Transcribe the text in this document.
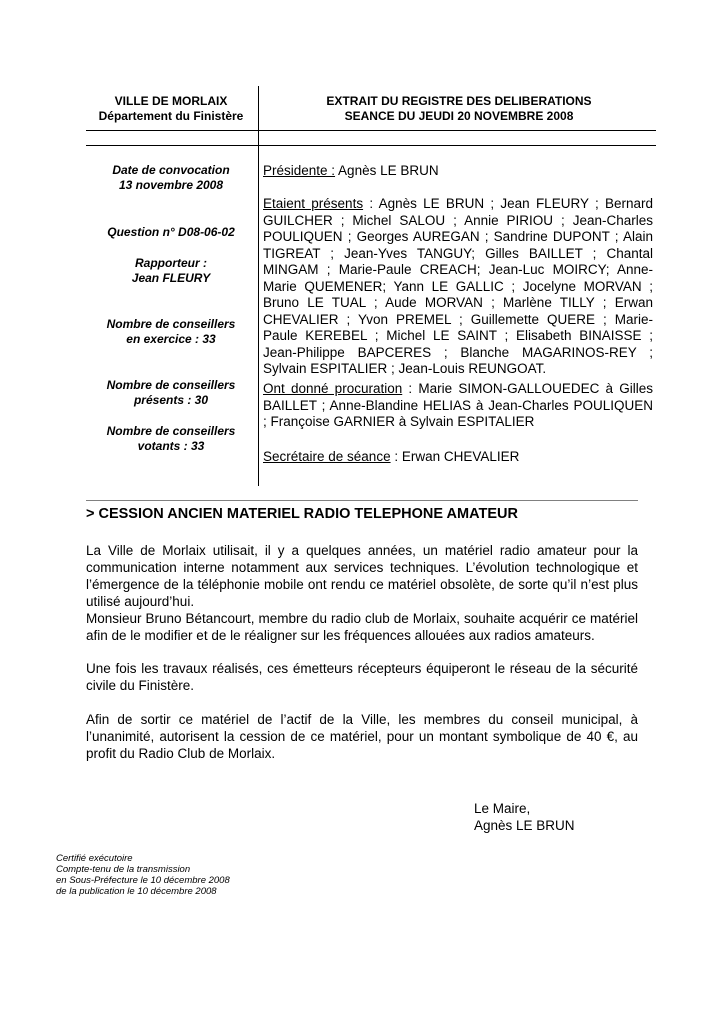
VILLE DE MORLAIX
Département du Finistère
EXTRAIT DU REGISTRE DES DELIBERATIONS
SEANCE DU JEUDI 20 NOVEMBRE 2008
Date de convocation
13 novembre 2008
Question n° D08-06-02
Rapporteur :
Jean FLEURY
Nombre de conseillers
en exercice : 33
Nombre de conseillers
présents : 30
Nombre de conseillers
votants : 33
Présidente : Agnès LE BRUN
Etaient présents : Agnès LE BRUN ; Jean FLEURY ; Bernard GUILCHER ; Michel SALOU ; Annie PIRIOU ; Jean-Charles POULIQUEN ; Georges AUREGAN ; Sandrine DUPONT ; Alain TIGREAT ; Jean-Yves TANGUY; Gilles BAILLET ; Chantal MINGAM ; Marie-Paule CREACH; Jean-Luc MOIRCY; Anne-Marie QUEMENER; Yann LE GALLIC ; Jocelyne MORVAN ; Bruno LE TUAL ; Aude MORVAN ; Marlène TILLY ; Erwan CHEVALIER ; Yvon PREMEL ; Guillemette QUERE ; Marie-Paule KEREBEL ; Michel LE SAINT ; Elisabeth BINAISSE ; Jean-Philippe BAPCERES ; Blanche MAGARINOS-REY ; Sylvain ESPITALIER ; Jean-Louis REUNGOAT.
Ont donné procuration : Marie SIMON-GALLOUEDEC à Gilles BAILLET ; Anne-Blandine HELIAS à Jean-Charles POULIQUEN ; Françoise GARNIER à Sylvain ESPITALIER
Secrétaire de séance : Erwan CHEVALIER
> CESSION ANCIEN MATERIEL RADIO TELEPHONE AMATEUR
La Ville de Morlaix utilisait, il y a quelques années, un matériel radio amateur pour la communication interne notamment aux services techniques. L’évolution technologique et l’émergence de la téléphonie mobile ont rendu ce matériel obsolète, de sorte qu’il n’est plus utilisé aujourd’hui.
Monsieur Bruno Bétancourt, membre du radio club de Morlaix, souhaite acquérir ce matériel afin de le modifier et de le réaligner sur les fréquences allouées aux radios amateurs.
Une fois les travaux réalisés, ces émetteurs récepteurs équiperont le réseau de la sécurité civile du Finistère.
Afin de sortir ce matériel de l’actif de la Ville, les membres du conseil municipal, à l’unanimité, autorisent la cession de ce matériel, pour un montant symbolique de 40 €, au profit du Radio Club de Morlaix.
Le Maire,
Agnès LE BRUN
Certifié exécutoire
Compte-tenu de la transmission
en Sous-Préfecture le 10 décembre 2008
de la publication le 10 décembre 2008
